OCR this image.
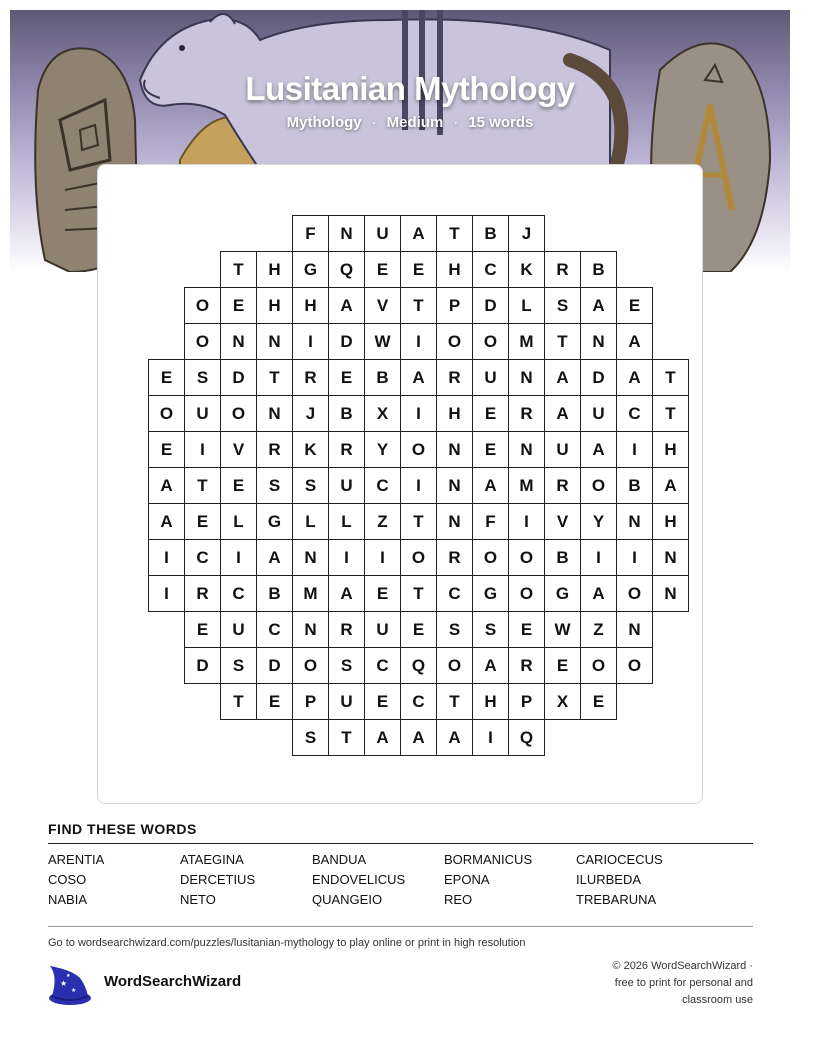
Lusitanian Mythology
Mythology · Medium · 15 words
F	N	U	A	T	B	J
T	H	G	Q	E	E	H	C	K	R	B
O	E	H	H	A	V	T	P	D	L	S	A	E
O	N	N	I	D	W	I	O	O	M	T	N	A
E	S	D	T	R	E	B	A	R	U	N	A	D	A	T
O	U	O	N	J	B	X	I	H	E	R	A	U	C	T
E	I	V	R	K	R	Y	O	N	E	N	U	A	I	H
A	T	E	S	S	U	C	I	N	A	M	R	O	B	A
A	E	L	G	L	L	Z	T	N	F	I	V	Y	N	H
I	C	I	A	N	I	I	O	R	O	O	B	I	I	N
I	R	C	B	M	A	E	T	C	G	O	G	A	O	N
E	U	C	N	R	U	E	S	S	E	W	Z	N
D	S	D	O	S	C	Q	O	A	R	E	O	O
T	E	P	U	E	C	T	H	P	X	E
S	T	A	A	A	I	Q
FIND THESE WORDS
ARENTIA	ATAEGINA	BANDUA	BORMANICUS	CARIOCECUS
COSO	DERCETIUS	ENDOVELICUS	EPONA	ILURBEDA
NABIA	NETO	QUANGEIO	REO	TREBARUNA
Go to wordsearchwizard.com/puzzles/lusitanian-mythology to play online or print in high resolution
★
★
★ WordSearchWizard
© 2026 WordSearchWizard ·
free to print for personal and
classroom use
